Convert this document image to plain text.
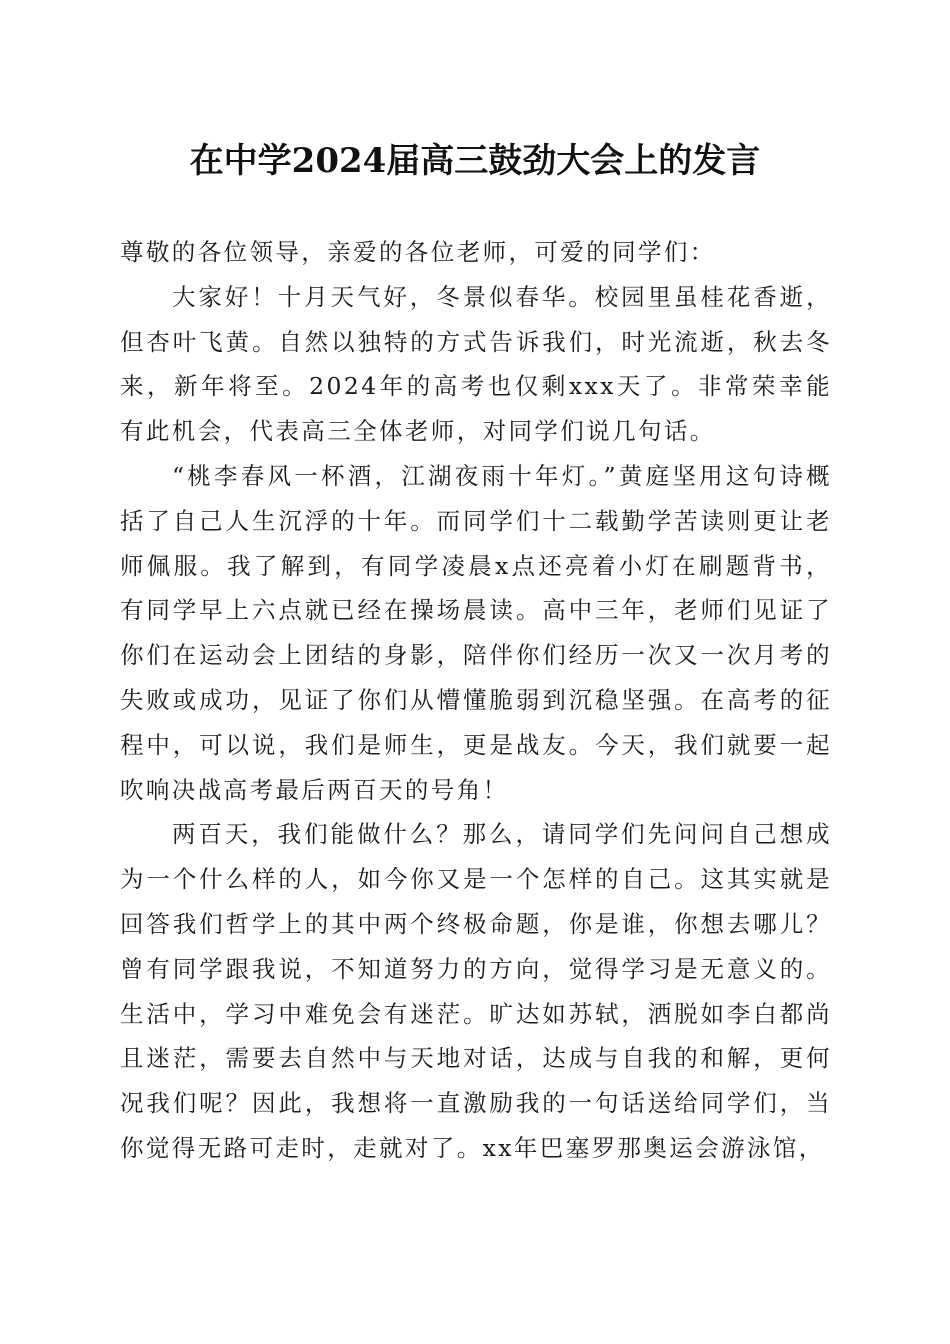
在中学2024届高三鼓劲大会上的发言

尊敬的各位领导，亲爱的各位老师，可爱的同学们：

大家好！十月天气好，冬景似春华。校园里虽桂花香逝，但杏叶飞黄。自然以独特的方式告诉我们，时光流逝，秋去冬来，新年将至。2024年的高考也仅剩xxx天了。非常荣幸能有此机会，代表高三全体老师，对同学们说几句话。

“桃李春风一杯酒，江湖夜雨十年灯。”黄庭坚用这句诗概括了自己人生沉浮的十年。而同学们十二载勤学苦读则更让老师佩服。我了解到，有同学凌晨x点还亮着小灯在刷题背书，有同学早上六点就已经在操场晨读。高中三年，老师们见证了你们在运动会上团结的身影，陪伴你们经历一次又一次月考的失败或成功，见证了你们从懵懂脆弱到沉稳坚强。在高考的征程中，可以说，我们是师生，更是战友。今天，我们就要一起吹响决战高考最后两百天的号角！

两百天，我们能做什么？那么，请同学们先问问自己想成为一个什么样的人，如今你又是一个怎样的自己。这其实就是回答我们哲学上的其中两个终极命题，你是谁，你想去哪儿？曾有同学跟我说，不知道努力的方向，觉得学习是无意义的。生活中，学习中难免会有迷茫。旷达如苏轼，洒脱如李白都尚且迷茫，需要去自然中与天地对话，达成与自我的和解，更何况我们呢？因此，我想将一直激励我的一句话送给同学们，当你觉得无路可走时，走就对了。xx年巴塞罗那奥运会游泳馆，
